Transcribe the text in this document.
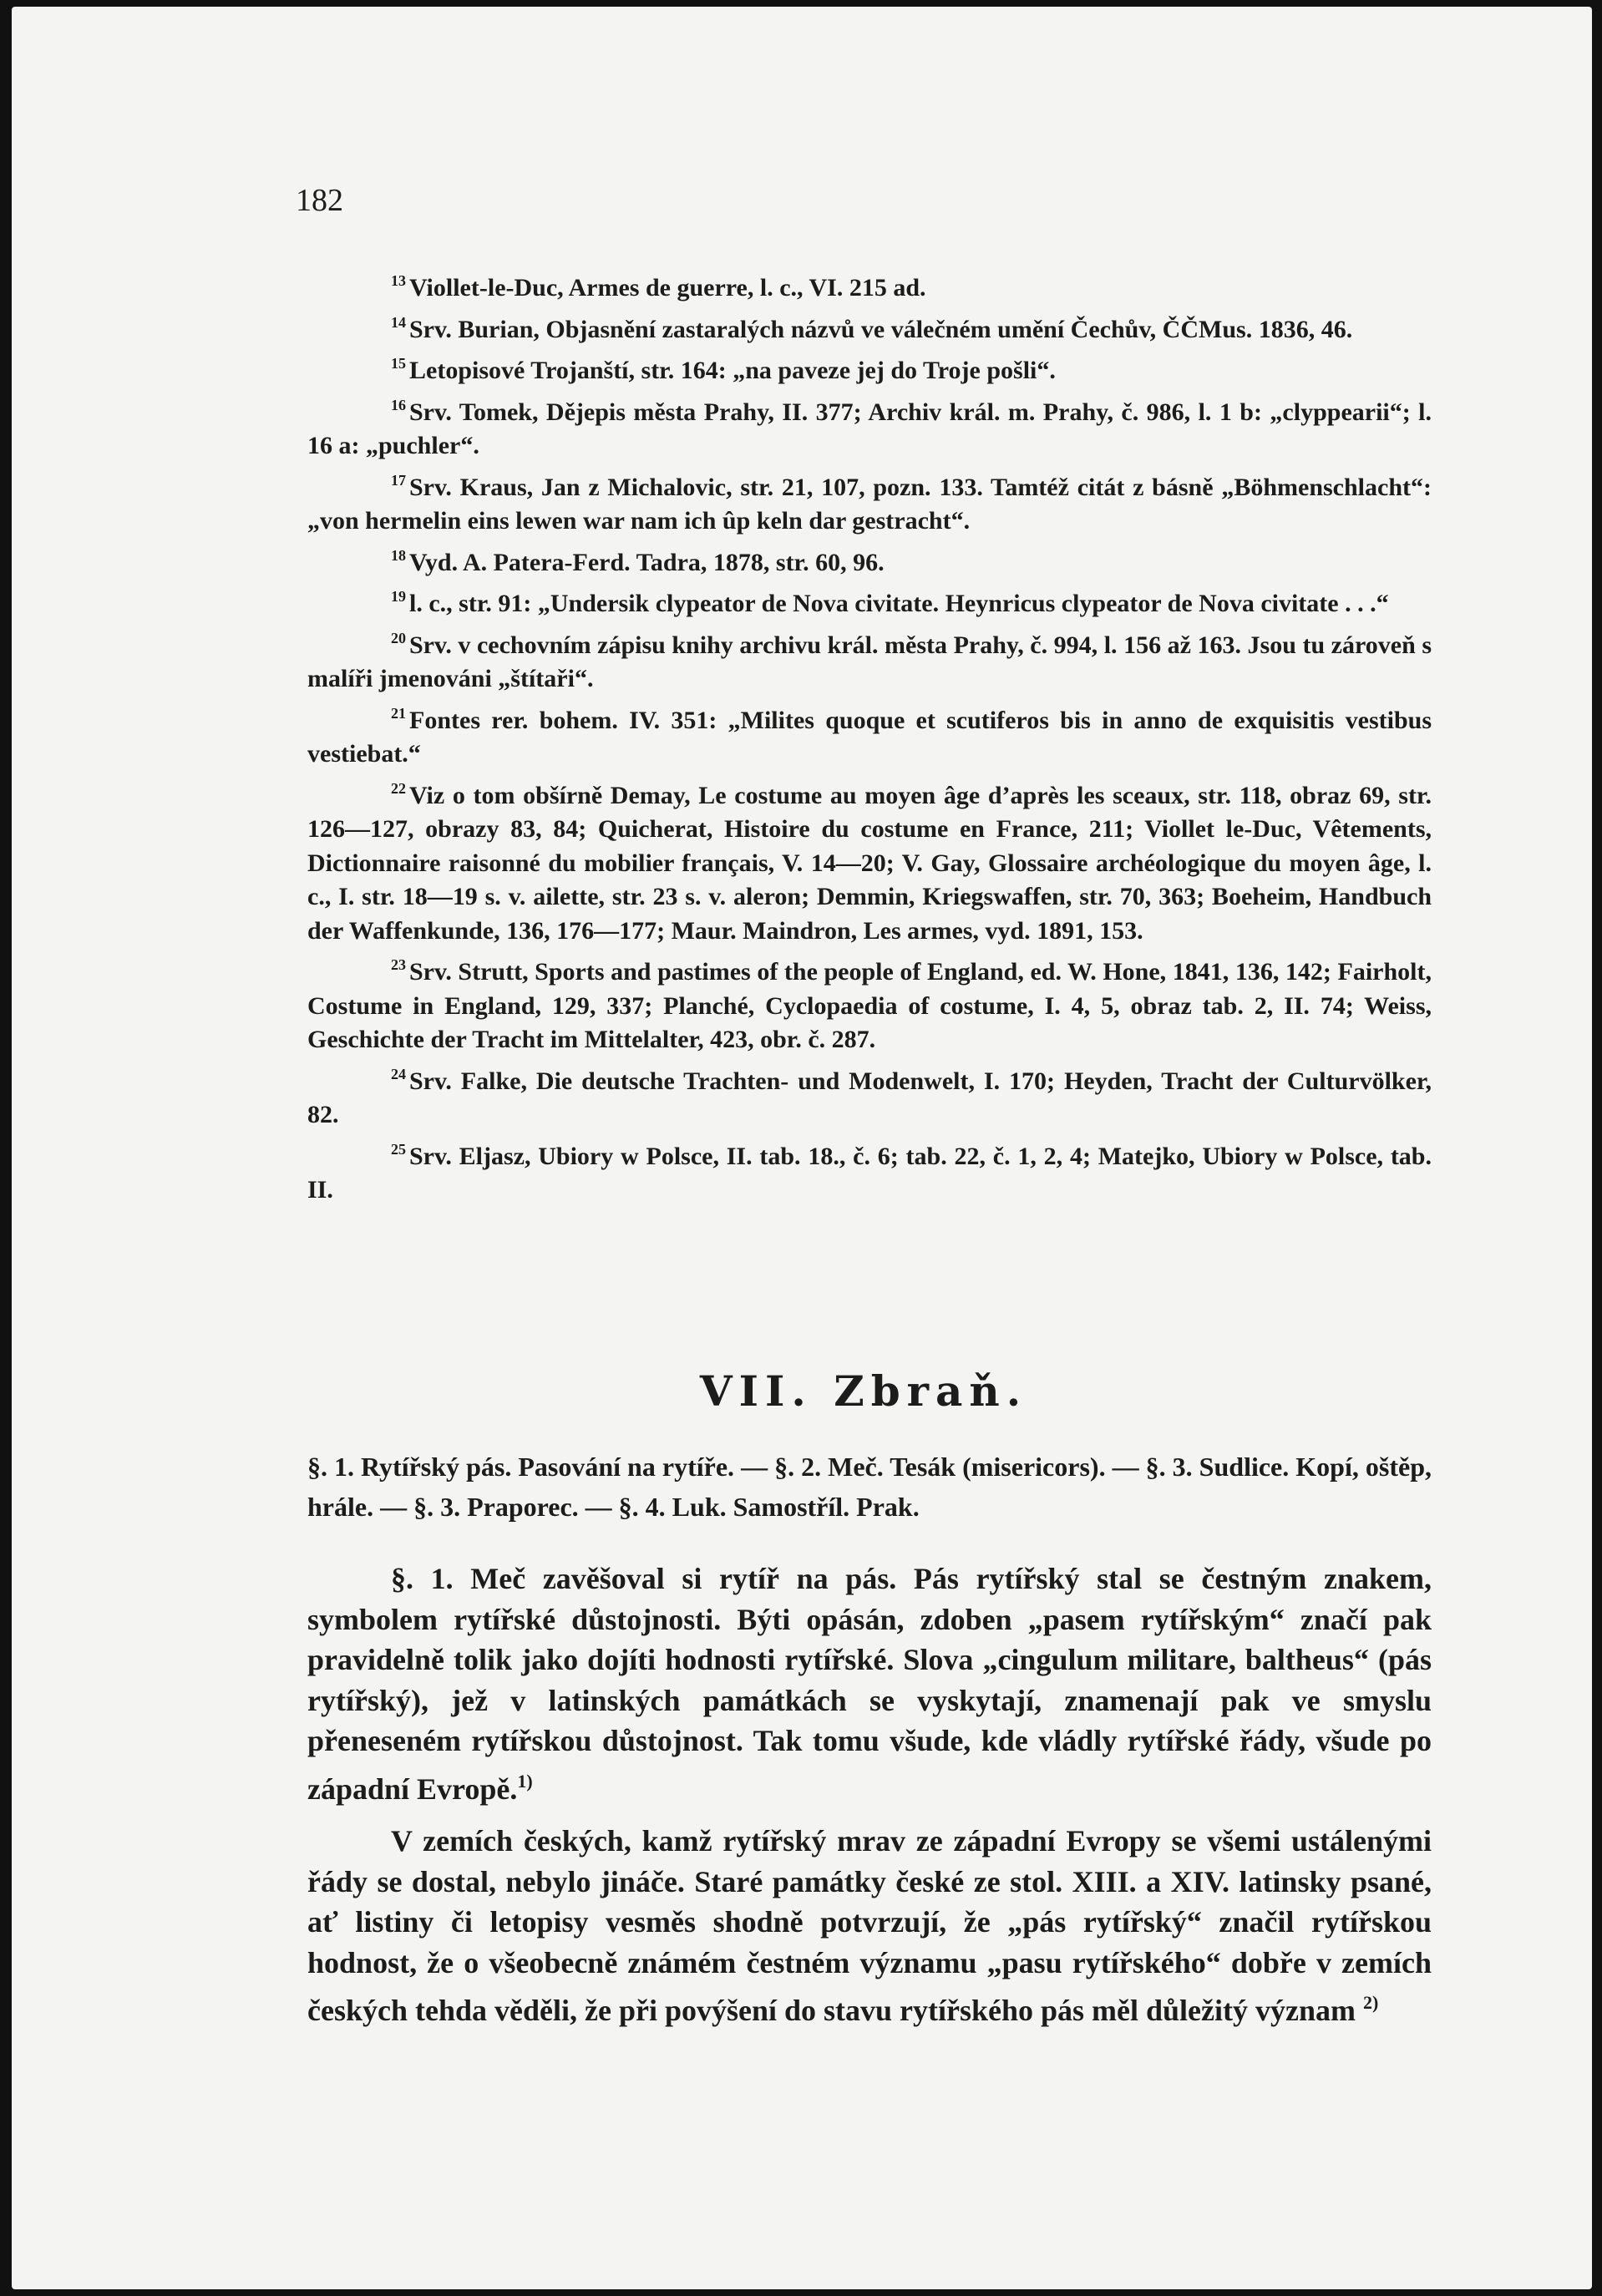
182

$^{13}$ Viollet-le-Duc, Armes de guerre, l. c., VI. 215 ad.

$^{14}$ Srv. Burian, Objasnění zastaralých názvů ve válečném umění Čechův, ČČMus. 1836, 46.

$^{15}$ Letopisové Trojanští, str. 164: „na paveze jej do Troje pošli“.

$^{16}$ Srv. Tomek, Dějepis města Prahy, II. 377; Archiv král. m. Prahy, č. 986, l. 1 b: „clyppearii“; l. 16 a: „puchler“.

$^{17}$ Srv. Kraus, Jan z Michalovic, str. 21, 107, pozn. 133. Tamtéž citát z básně „Böhmenschlacht“: „von hermelin eins lewen war nam ich ûp keln dar gestracht“.

$^{18}$ Vyd. A. Patera-Ferd. Tadra, 1878, str. 60, 96.

$^{19}$ l. c., str. 91: „Undersik clypeator de Nova civitate. Heynricus clypeator de Nova civitate . . .“

$^{20}$ Srv. v cechovním zápisu knihy archivu král. města Prahy, č. 994, l. 156 až 163. Jsou tu zároveň s malíři jmenováni „štítaři“.

$^{21}$ Fontes rer. bohem. IV. 351: „Milites quoque et scutiferos bis in anno de exquisitis vestibus vestiebat.“

$^{22}$ Viz o tom obšírně Demay, Le costume au moyen âge d’après les sceaux, str. 118, obraz 69, str. 126—127, obrazy 83, 84; Quicherat, Histoire du costume en France, 211; Viollet le-Duc, Vêtements, Dictionnaire raisonné du mobilier français, V. 14—20; V. Gay, Glossaire archéologique du moyen âge, l. c., I. str. 18—19 s. v. ailette, str. 23 s. v. aleron; Demmin, Kriegswaffen, str. 70, 363; Boeheim, Handbuch der Waffenkunde, 136, 176—177; Maur. Maindron, Les armes, vyd. 1891, 153.

$^{23}$ Srv. Strutt, Sports and pastimes of the people of England, ed. W. Hone, 1841, 136, 142; Fairholt, Costume in England, 129, 337; Planché, Cyclopaedia of costume, I. 4, 5, obraz tab. 2, II. 74; Weiss, Geschichte der Tracht im Mittelalter, 423, obr. č. 287.

$^{24}$ Srv. Falke, Die deutsche Trachten- und Modenwelt, I. 170; Heyden, Tracht der Culturvölker, 82.

$^{25}$ Srv. Eljasz, Ubiory w Polsce, II. tab. 18., č. 6; tab. 22, č. 1, 2, 4; Matejko, Ubiory w Polsce, tab. II.

VII. Zbraň.

§. 1. Rytířský pás. Pasování na rytíře. — §. 2. Meč. Tesák (misericors). — §. 3. Sudlice. Kopí, oštěp, hrále. — §. 3. Praporec. — §. 4. Luk. Samostříl. Prak.

§. 1. Meč zavěšoval si rytíř na pás. Pás rytířský stal se čestným znakem, symbolem rytířské důstojnosti. Býti opásán, zdoben „pasem rytířským“ značí pak pravidelně tolik jako dojíti hodnosti rytířské. Slova „cingulum militare, baltheus“ (pás rytířský), jež v latinských památkách se vyskytají, znamenají pak ve smyslu přeneseném rytířskou důstojnost. Tak tomu všude, kde vládly rytířské řády, všude po západní Evropě.$^{1)}$

V zemích českých, kamž rytířský mrav ze západní Evropy se všemi ustálenými řády se dostal, nebylo jináče. Staré památky české ze stol. XIII. a XIV. latinsky psané, ať listiny či letopisy vesměs shodně potvrzují, že „pás rytířský“ značil rytířskou hodnost, že o všeobecně známém čestném významu „pasu rytířského“ dobře v zemích českých tehda věděli, že při povýšení do stavu rytířského pás měl důležitý význam $^{2)}$
